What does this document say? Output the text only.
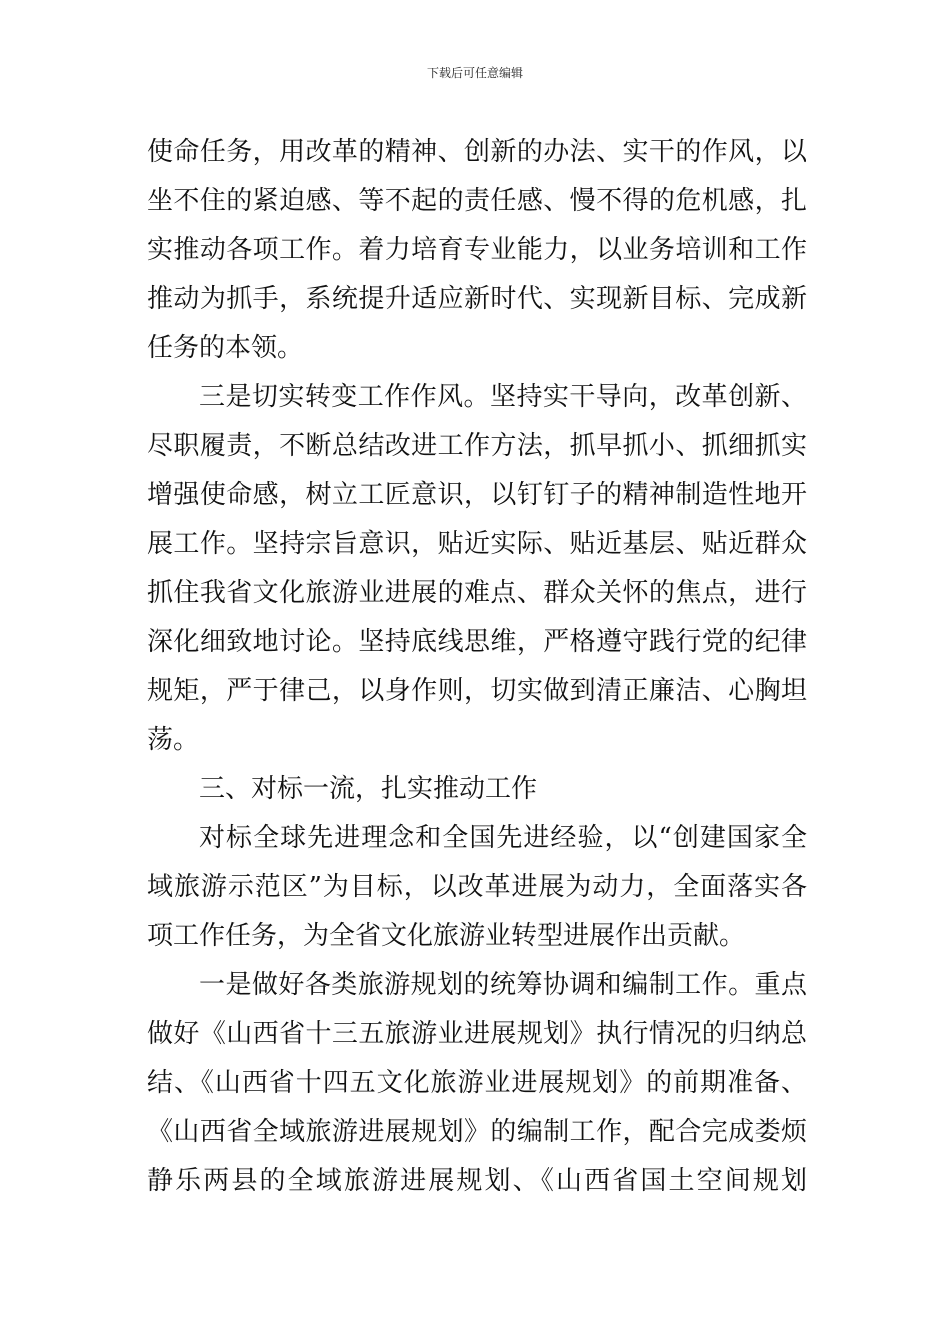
下载后可任意编辑
使命任务，用改革的精神、创新的办法、实干的作风，以
坐不住的紧迫感、等不起的责任感、慢不得的危机感，扎
实推动各项工作。着力培育专业能力，以业务培训和工作
推动为抓手，系统提升适应新时代、实现新目标、完成新
任务的本领。
三是切实转变工作作风。坚持实干导向，改革创新、
尽职履责，不断总结改进工作方法，抓早抓小、抓细抓实
增强使命感，树立工匠意识，以钉钉子的精神制造性地开
展工作。坚持宗旨意识，贴近实际、贴近基层、贴近群众
抓住我省文化旅游业进展的难点、群众关怀的焦点，进行
深化细致地讨论。坚持底线思维，严格遵守践行党的纪律
规矩，严于律己，以身作则，切实做到清正廉洁、心胸坦
荡。
三、对标一流，扎实推动工作
对标全球先进理念和全国先进经验，以“创建国家全
域旅游示范区”为目标，以改革进展为动力，全面落实各
项工作任务，为全省文化旅游业转型进展作出贡献。
一是做好各类旅游规划的统筹协调和编制工作。重点
做好《山西省十三五旅游业进展规划》执行情况的归纳总
结、《山西省十四五文化旅游业进展规划》的前期准备、
《山西省全域旅游进展规划》的编制工作，配合完成娄烦
静乐两县的全域旅游进展规划、《山西省国土空间规划
